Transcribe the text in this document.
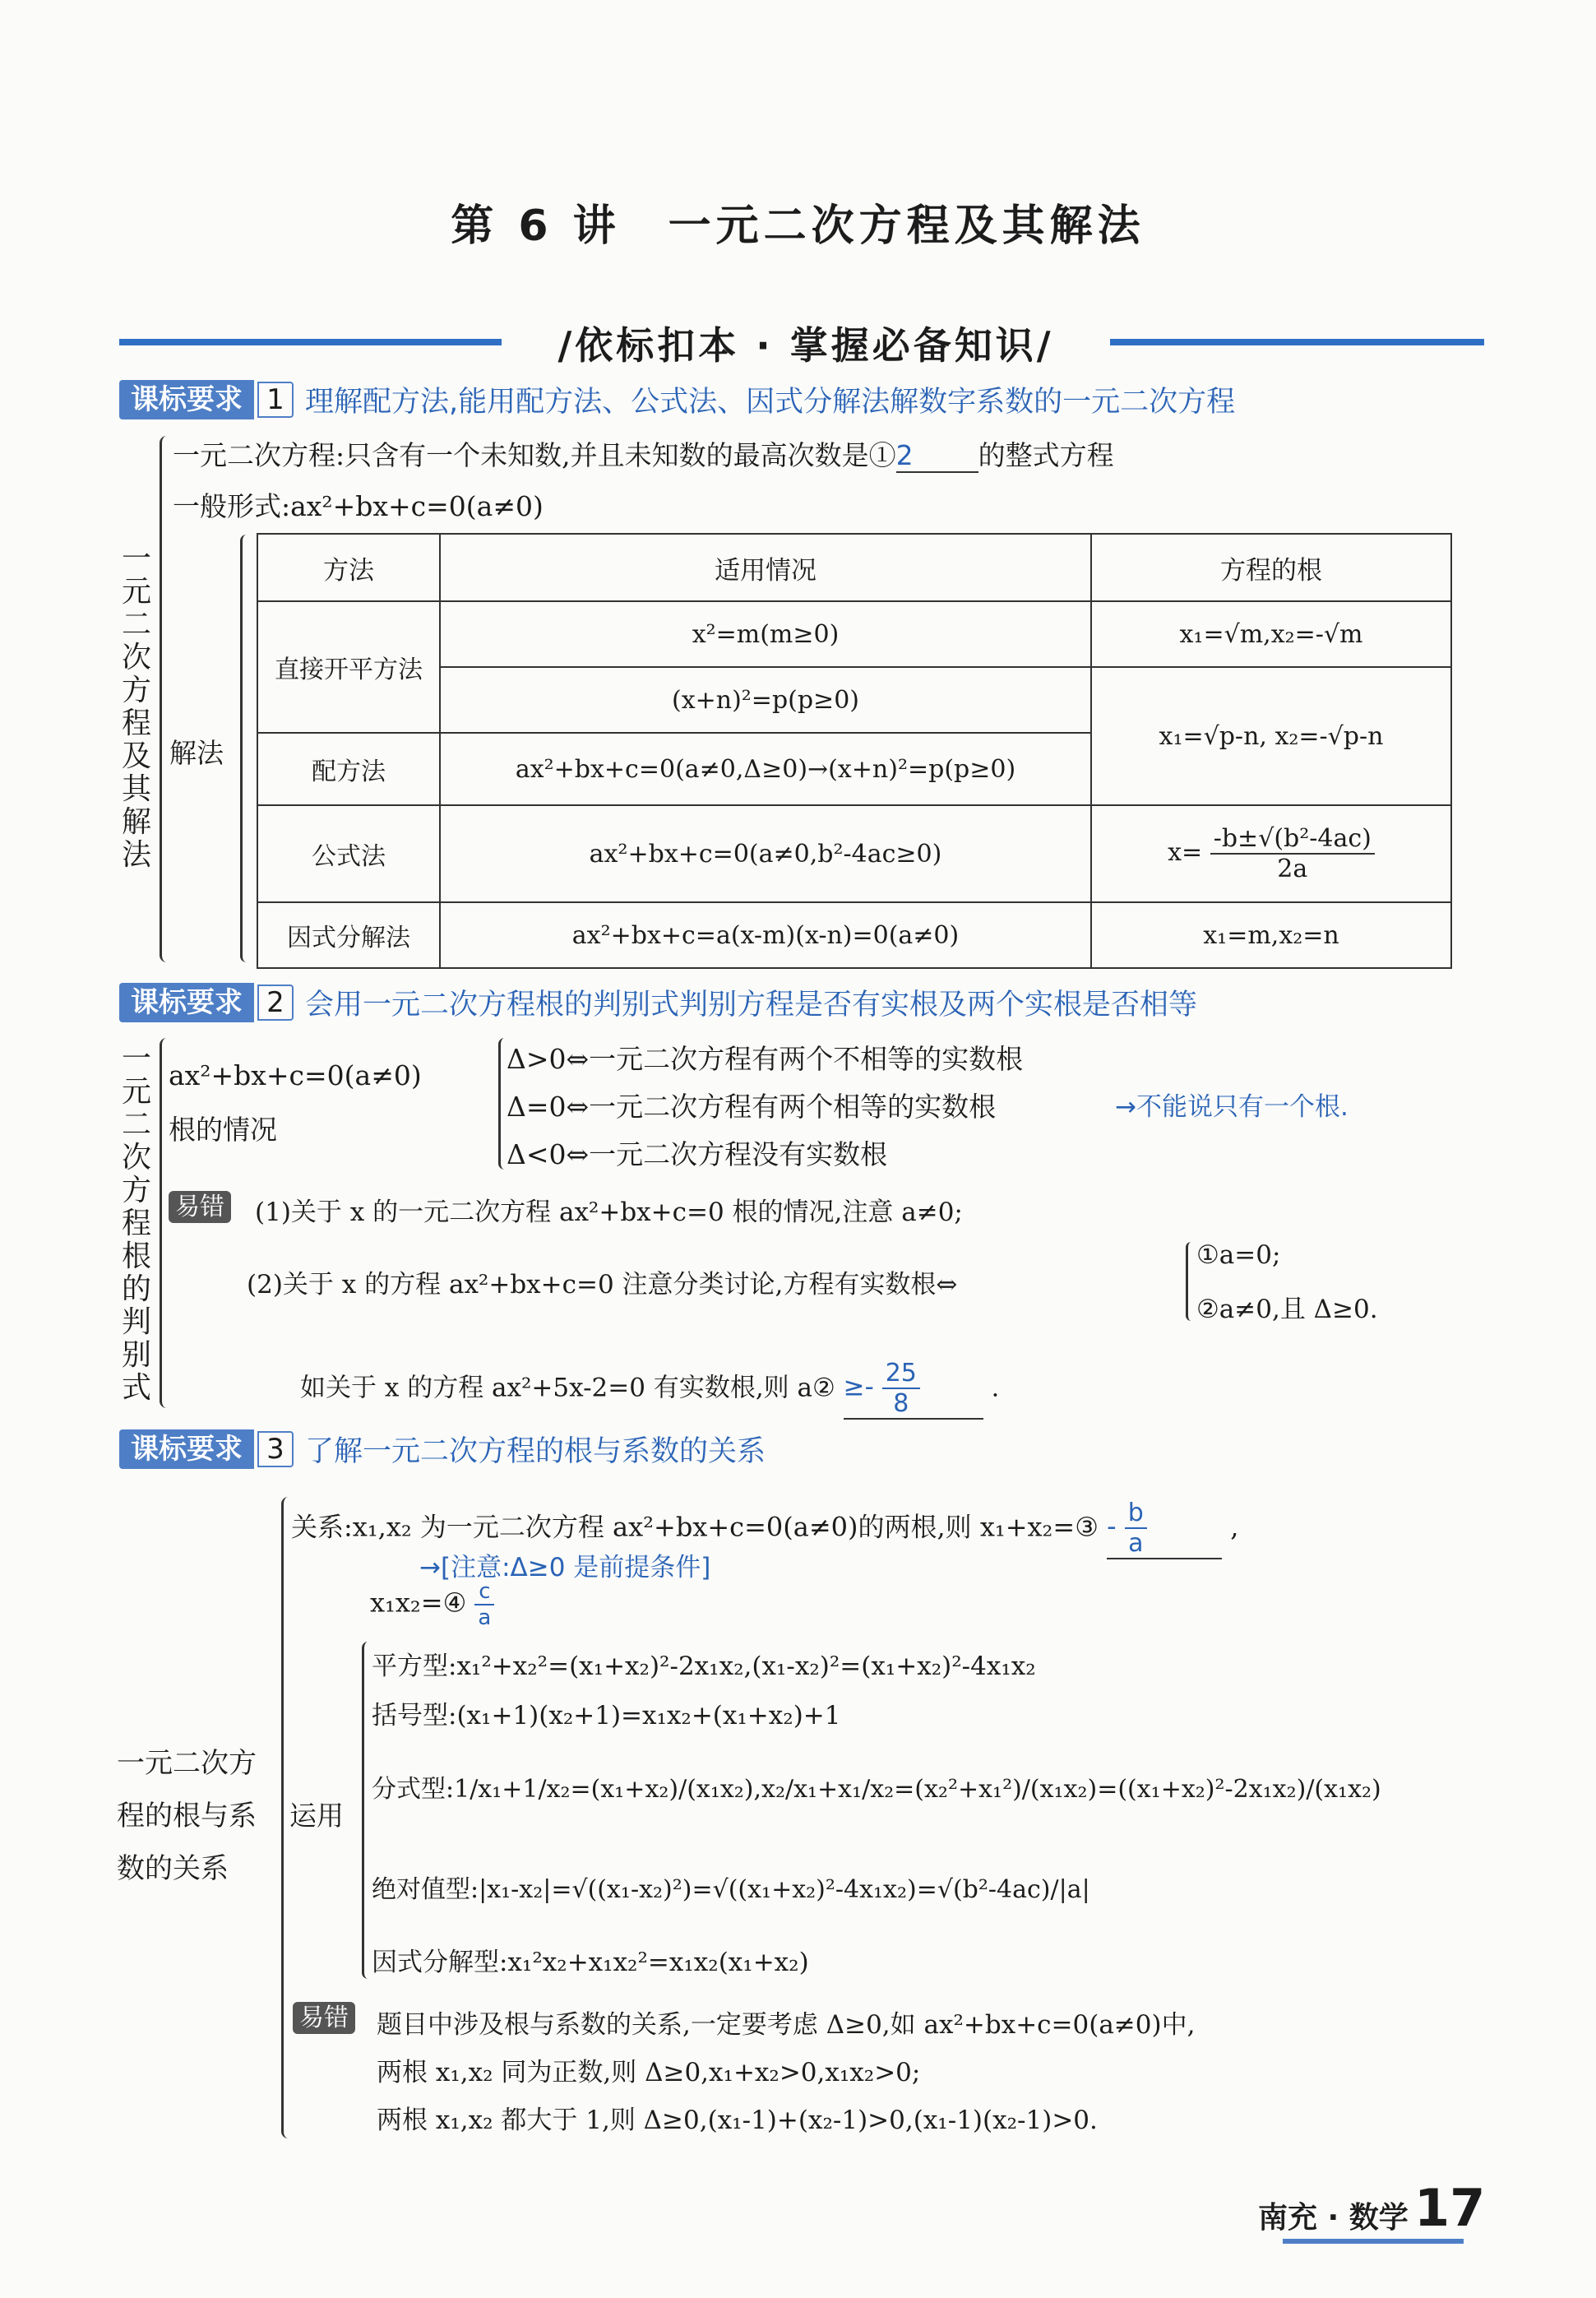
第 6 讲　一元二次方程及其解法
/依标扣本 · 掌握必备知识/
课标要求 1 理解配方法,能用配方法、公式法、因式分解法解数字系数的一元二次方程
一元二次方程及其解法
一元二次方程:只含有一个未知数,并且未知数的最高次数是①2 的整式方程
一般形式:ax²+bx+c=0(a≠0)
解法
方法	适用情况	方程的根
直接开平方法	x²=m(m≥0)	x₁=√m,x₂=-√m
	(x+n)²=p(p≥0)	x₁=√p-n, x₂=-√p-n
配方法	ax²+bx+c=0(a≠0,Δ≥0)→(x+n)²=p(p≥0)	
公式法	ax²+bx+c=0(a≠0,b²-4ac≥0)	$x= \frac{\text{-b±√(b²-4ac)}}{2a}$

因式分解法	ax²+bx+c=a(x-m)(x-n)=0(a≠0)	x₁=m,x₂=n
课标要求 2 会用一元二次方程根的判别式判别方程是否有实根及两个实根是否相等
一元二次方程根的判别式
ax²+bx+c=0(a≠0)
根的情况
Δ>0⇔一元二次方程有两个不相等的实数根
Δ=0⇔一元二次方程有两个相等的实数根	→不能说只有一个根.
Δ<0⇔一元二次方程没有实数根
易错 (1)关于 x 的一元二次方程 ax²+bx+c=0 根的情况,注意 a≠0;
(2)关于 x 的方程 ax²+bx+c=0 注意分类讨论,方程有实数根⇔
①a=0;
②a≠0,且 Δ≥0.
如关于 x 的方程 ax²+5x-2=0 有实数根,则 a② ≥- $\frac{25}{8}$	.
课标要求 3 了解一元二次方程的根与系数的关系
一元二次方程的根与系数的关系
关系:x₁,x₂ 为一元二次方程 ax²+bx+c=0(a≠0)的两根,则 x₁+x₂=③ - $\frac{b}{a}$	,
→[注意:Δ≥0 是前提条件]
x₁x₂=④ $\frac{c}{a}$
运用
平方型:x₁²+x₂²=(x₁+x₂)²-2x₁x₂,(x₁-x₂)²=(x₁+x₂)²-4x₁x₂
括号型:(x₁+1)(x₂+1)=x₁x₂+(x₁+x₂)+1
分式型:1/x₁+1/x₂=(x₁+x₂)/(x₁x₂),x₂/x₁+x₁/x₂=(x₂²+x₁²)/(x₁x₂)=((x₁+x₂)²-2x₁x₂)/(x₁x₂)
绝对值型:|x₁-x₂|=√((x₁-x₂)²)=√((x₁+x₂)²-4x₁x₂)=√(b²-4ac)/|a|
因式分解型:x₁²x₂+x₁x₂²=x₁x₂(x₁+x₂)
易错 题目中涉及根与系数的关系,一定要考虑 Δ≥0,如 ax²+bx+c=0(a≠0)中,
两根 x₁,x₂ 同为正数,则 Δ≥0,x₁+x₂>0,x₁x₂>0;
两根 x₁,x₂ 都大于 1,则 Δ≥0,(x₁-1)+(x₂-1)>0,(x₁-1)(x₂-1)>0.
南充 · 数学 17
